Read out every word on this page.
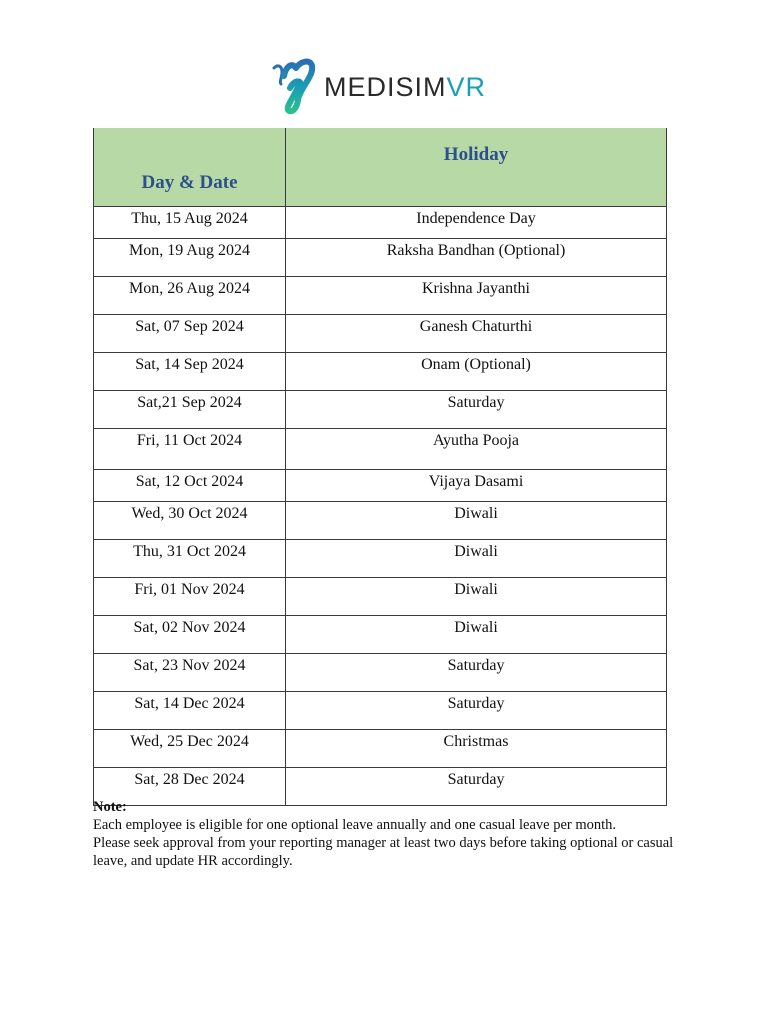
MEDISIMVR
Day & Date	Holiday
Thu, 15 Aug 2024	Independence Day
Mon, 19 Aug 2024	Raksha Bandhan (Optional)
Mon, 26 Aug 2024	Krishna Jayanthi
Sat, 07 Sep 2024	Ganesh Chaturthi
Sat, 14 Sep 2024	Onam (Optional)
Sat,21 Sep 2024	Saturday
Fri, 11 Oct 2024	Ayutha Pooja
Sat, 12 Oct 2024	Vijaya Dasami
Wed, 30 Oct 2024	Diwali
Thu, 31 Oct 2024	Diwali
Fri, 01 Nov 2024	Diwali
Sat, 02 Nov 2024	Diwali
Sat, 23 Nov 2024	Saturday
Sat, 14 Dec 2024	Saturday
Wed, 25 Dec 2024	Christmas
Sat, 28 Dec 2024	Saturday
Note:
Each employee is eligible for one optional leave annually and one casual leave per month.
Please seek approval from your reporting manager at least two days before taking optional or casual leave, and update HR accordingly.
